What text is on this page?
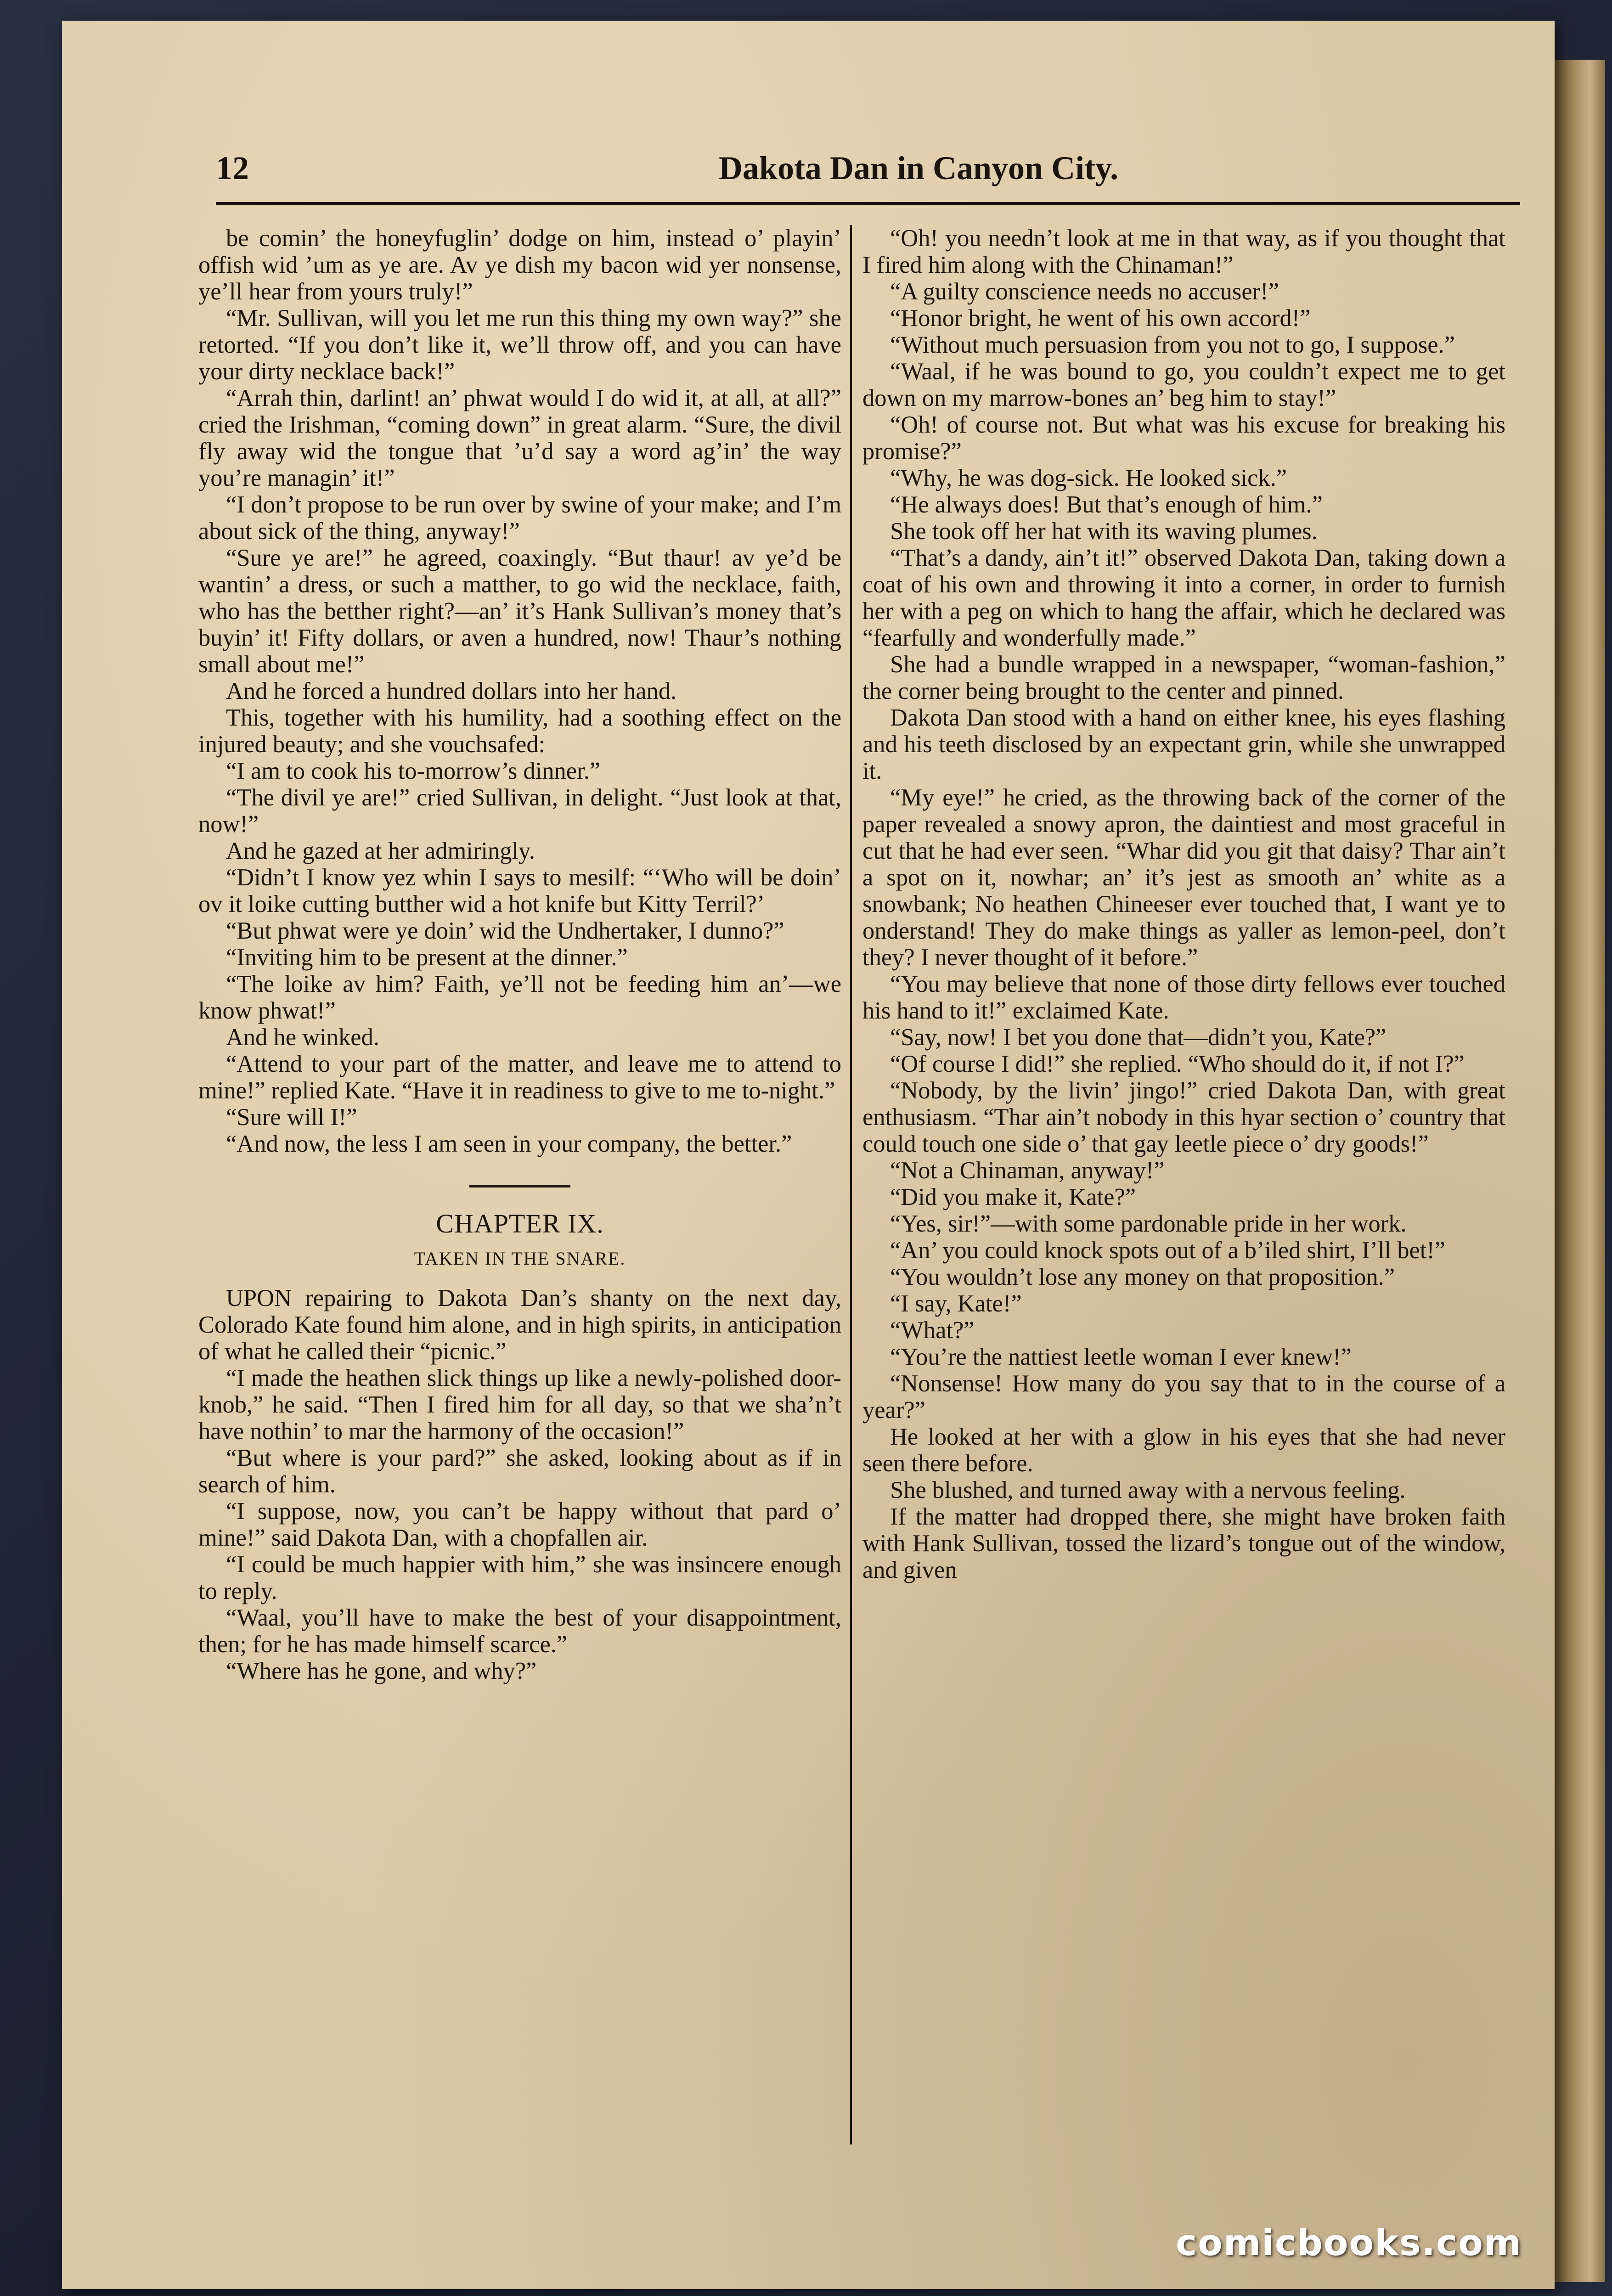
12	Dakota Dan in Canyon City.

be comin’ the honeyfuglin’ dodge on him, instead o’ playin’ offish wid ’um as ye are. Av ye dish my bacon wid yer nonsense, ye’ll hear from yours truly!”

“Mr. Sullivan, will you let me run this thing my own way?” she retorted. “If you don’t like it, we’ll throw off, and you can have your dirty necklace back!”

“Arrah thin, darlint! an’ phwat would I do wid it, at all, at all?” cried the Irishman, “coming down” in great alarm. “Sure, the divil fly away wid the tongue that ’u’d say a word ag’in’ the way you’re managin’ it!”

“I don’t propose to be run over by swine of your make; and I’m about sick of the thing, anyway!”

“Sure ye are!” he agreed, coaxingly. “But thaur! av ye’d be wantin’ a dress, or such a matther, to go wid the necklace, faith, who has the betther right?—an’ it’s Hank Sullivan’s money that’s buyin’ it! Fifty dollars, or aven a hundred, now! Thaur’s nothing small about me!”

And he forced a hundred dollars into her hand.

This, together with his humility, had a soothing effect on the injured beauty; and she vouchsafed:

“I am to cook his to-morrow’s dinner.”

“The divil ye are!” cried Sullivan, in delight. “Just look at that, now!”

And he gazed at her admiringly.

“Didn’t I know yez whin I says to mesilf: “‘Who will be doin’ ov it loike cutting butther wid a hot knife but Kitty Terril?’

“But phwat were ye doin’ wid the Undhertaker, I dunno?”

“Inviting him to be present at the dinner.”

“The loike av him? Faith, ye’ll not be feeding him an’—we know phwat!”

And he winked.

“Attend to your part of the matter, and leave me to attend to mine!” replied Kate. “Have it in readiness to give to me to-night.”

“Sure will I!”

“And now, the less I am seen in your company, the better.”

CHAPTER IX.

TAKEN IN THE SNARE.

UPON repairing to Dakota Dan’s shanty on the next day, Colorado Kate found him alone, and in high spirits, in anticipation of what he called their “picnic.”

“I made the heathen slick things up like a newly-polished door-knob,” he said. “Then I fired him for all day, so that we sha’n’t have nothin’ to mar the harmony of the occasion!”

“But where is your pard?” she asked, looking about as if in search of him.

“I suppose, now, you can’t be happy without that pard o’ mine!” said Dakota Dan, with a chopfallen air.

“I could be much happier with him,” she was insincere enough to reply.

“Waal, you’ll have to make the best of your disappointment, then; for he has made himself scarce.”

“Where has he gone, and why?”

“Oh! you needn’t look at me in that way, as if you thought that I fired him along with the Chinaman!”

“A guilty conscience needs no accuser!”

“Honor bright, he went of his own accord!”

“Without much persuasion from you not to go, I suppose.”

“Waal, if he was bound to go, you couldn’t expect me to get down on my marrow-bones an’ beg him to stay!”

“Oh! of course not. But what was his excuse for breaking his promise?”

“Why, he was dog-sick. He looked sick.”

“He always does! But that’s enough of him.”

She took off her hat with its waving plumes.

“That’s a dandy, ain’t it!” observed Dakota Dan, taking down a coat of his own and throwing it into a corner, in order to furnish her with a peg on which to hang the affair, which he declared was “fearfully and wonderfully made.”

She had a bundle wrapped in a newspaper, “woman-fashion,” the corner being brought to the center and pinned.

Dakota Dan stood with a hand on either knee, his eyes flashing and his teeth disclosed by an expectant grin, while she unwrapped it.

“My eye!” he cried, as the throwing back of the corner of the paper revealed a snowy apron, the daintiest and most graceful in cut that he had ever seen. “Whar did you git that daisy? Thar ain’t a spot on it, nowhar; an’ it’s jest as smooth an’ white as a snowbank; No heathen Chineeser ever touched that, I want ye to onderstand! They do make things as yaller as lemon-peel, don’t they? I never thought of it before.”

“You may believe that none of those dirty fellows ever touched his hand to it!” exclaimed Kate.

“Say, now! I bet you done that—didn’t you, Kate?”

“Of course I did!” she replied. “Who should do it, if not I?”

“Nobody, by the livin’ jingo!” cried Dakota Dan, with great enthusiasm. “Thar ain’t nobody in this hyar section o’ country that could touch one side o’ that gay leetle piece o’ dry goods!”

“Not a Chinaman, anyway!”

“Did you make it, Kate?”

“Yes, sir!”—with some pardonable pride in her work.

“An’ you could knock spots out of a b’iled shirt, I’ll bet!”

“You wouldn’t lose any money on that proposition.”

“I say, Kate!”

“What?”

“You’re the nattiest leetle woman I ever knew!”

“Nonsense! How many do you say that to in the course of a year?”

He looked at her with a glow in his eyes that she had never seen there before.

She blushed, and turned away with a nervous feeling.

If the matter had dropped there, she might have broken faith with Hank Sullivan, tossed the lizard’s tongue out of the window, and given

comicbooks.com
